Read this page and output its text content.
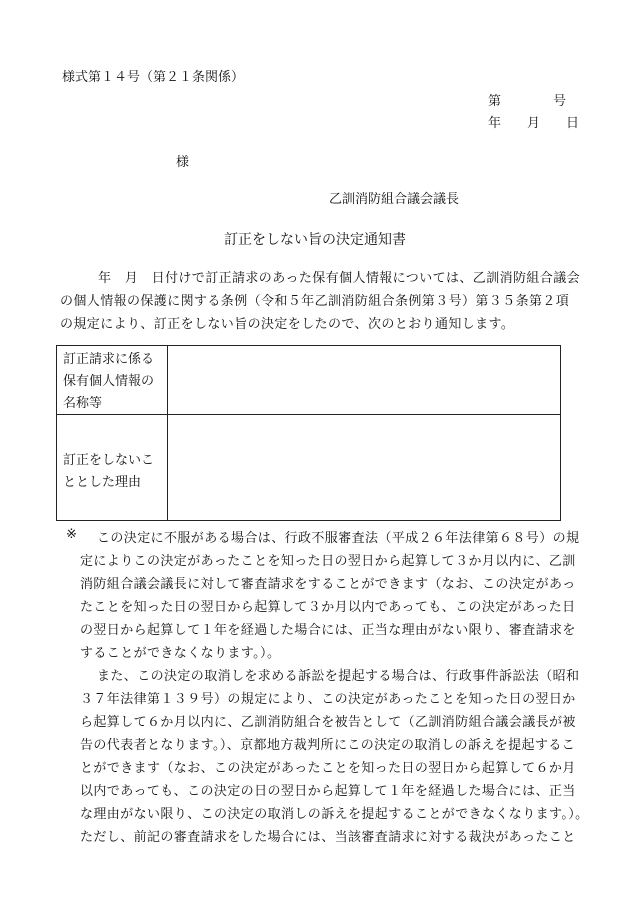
様式第１４号（第２１条関係）
第　　　　号
年　　月　　日
様
乙訓消防組合議会議長
訂正をしない旨の決定通知書
年　月　日付けで訂正請求のあった保有個人情報については、乙訓消防組合議会
の個人情報の保護に関する条例（令和５年乙訓消防組合条例第３号）第３５条第２項
の規定により、訂正をしない旨の決定をしたので、次のとおり通知します。
訂正請求に係る
保有個人情報の
名称等
訂正をしないこ
ととした理由
※ この決定に不服がある場合は、行政不服審査法（平成２６年法律第６８号）の規
定によりこの決定があったことを知った日の翌日から起算して３か月以内に、乙訓
消防組合議会議長に対して審査請求をすることができます（なお、この決定があっ
たことを知った日の翌日から起算して３か月以内であっても、この決定があった日
の翌日から起算して１年を経過した場合には、正当な理由がない限り、審査請求を
することができなくなります。）。
また、この決定の取消しを求める訴訟を提起する場合は、行政事件訴訟法（昭和
３７年法律第１３９号）の規定により、この決定があったことを知った日の翌日か
ら起算して６か月以内に、乙訓消防組合を被告として（乙訓消防組合議会議長が被
告の代表者となります。）、京都地方裁判所にこの決定の取消しの訴えを提起するこ
とができます（なお、この決定があったことを知った日の翌日から起算して６か月
以内であっても、この決定の日の翌日から起算して１年を経過した場合には、正当
な理由がない限り、この決定の取消しの訴えを提起することができなくなります。）。
ただし、前記の審査請求をした場合には、当該審査請求に対する裁決があったこと
